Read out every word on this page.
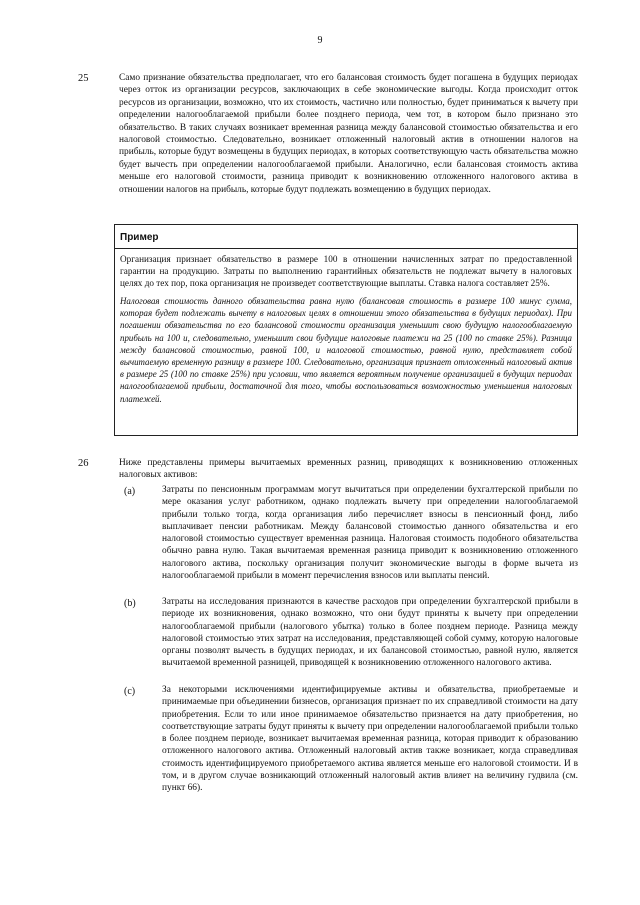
9
25	Само признание обязательства предполагает, что его балансовая стоимость будет погашена в будущих периодах через отток из организации ресурсов, заключающих в себе экономические выгоды. Когда происходит отток ресурсов из организации, возможно, что их стоимость, частично или полностью, будет приниматься к вычету при определении налогооблагаемой прибыли более позднего периода, чем тот, в котором было признано это обязательство. В таких случаях возникает временная разница между балансовой стоимостью обязательства и его налоговой стоимостью. Следовательно, возникает отложенный налоговый актив в отношении налогов на прибыль, которые будут возмещены в будущих периодах, в которых соответствующую часть обязательства можно будет вычесть при определении налогооблагаемой прибыли. Аналогично, если балансовая стоимость актива меньше его налоговой стоимости, разница приводит к возникновению отложенного налогового актива в отношении налогов на прибыль, которые будут подлежать возмещению в будущих периодах.
Пример

Организация признает обязательство в размере 100 в отношении начисленных затрат по предоставленной гарантии на продукцию. Затраты по выполнению гарантийных обязательств не подлежат вычету в налоговых целях до тех пор, пока организация не произведет соответствующие выплаты. Ставка налога составляет 25%.

Налоговая стоимость данного обязательства равна нулю (балансовая стоимость в размере 100 минус сумма, которая будет подлежать вычету в налоговых целях в отношении этого обязательства в будущих периодах). При погашении обязательства по его балансовой стоимости организация уменьшит свою будущую налогооблагаемую прибыль на 100 и, следовательно, уменьшит свои будущие налоговые платежи на 25 (100 по ставке 25%). Разница между балансовой стоимостью, равной 100, и налоговой стоимостью, равной нулю, представляет собой вычитаемую временную разницу в размере 100. Следовательно, организация признает отложенный налоговый актив в размере 25 (100 по ставке 25%) при условии, что является вероятным получение организацией в будущих периодах налогооблагаемой прибыли, достаточной для того, чтобы воспользоваться возможностью уменьшения налоговых платежей.

26	Ниже представлены примеры вычитаемых временных разниц, приводящих к возникновению отложенных налоговых активов:
(a)	Затраты по пенсионным программам могут вычитаться при определении бухгалтерской прибыли по мере оказания услуг работником, однако подлежать вычету при определении налогооблагаемой прибыли только тогда, когда организация либо перечисляет взносы в пенсионный фонд, либо выплачивает пенсии работникам. Между балансовой стоимостью данного обязательства и его налоговой стоимостью существует временная разница. Налоговая стоимость подобного обязательства обычно равна нулю. Такая вычитаемая временная разница приводит к возникновению отложенного налогового актива, поскольку организация получит экономические выгоды в форме вычета из налогооблагаемой прибыли в момент перечисления взносов или выплаты пенсий.
(b)	Затраты на исследования признаются в качестве расходов при определении бухгалтерской прибыли в периоде их возникновения, однако возможно, что они будут приняты к вычету при определении налогооблагаемой прибыли (налогового убытка) только в более позднем периоде. Разница между налоговой стоимостью этих затрат на исследования, представляющей собой сумму, которую налоговые органы позволят вычесть в будущих периодах, и их балансовой стоимостью, равной нулю, является вычитаемой временной разницей, приводящей к возникновению отложенного налогового актива.
(c)	За некоторыми исключениями идентифицируемые активы и обязательства, приобретаемые и принимаемые при объединении бизнесов, организация признает по их справедливой стоимости на дату приобретения. Если то или иное принимаемое обязательство признается на дату приобретения, но соответствующие затраты будут приняты к вычету при определении налогооблагаемой прибыли только в более позднем периоде, возникает вычитаемая временная разница, которая приводит к образованию отложенного налогового актива. Отложенный налоговый актив также возникает, когда справедливая стоимость идентифицируемого приобретаемого актива является меньше его налоговой стоимости. И в том, и в другом случае возникающий отложенный налоговый актив влияет на величину гудвила (см. пункт 66).
